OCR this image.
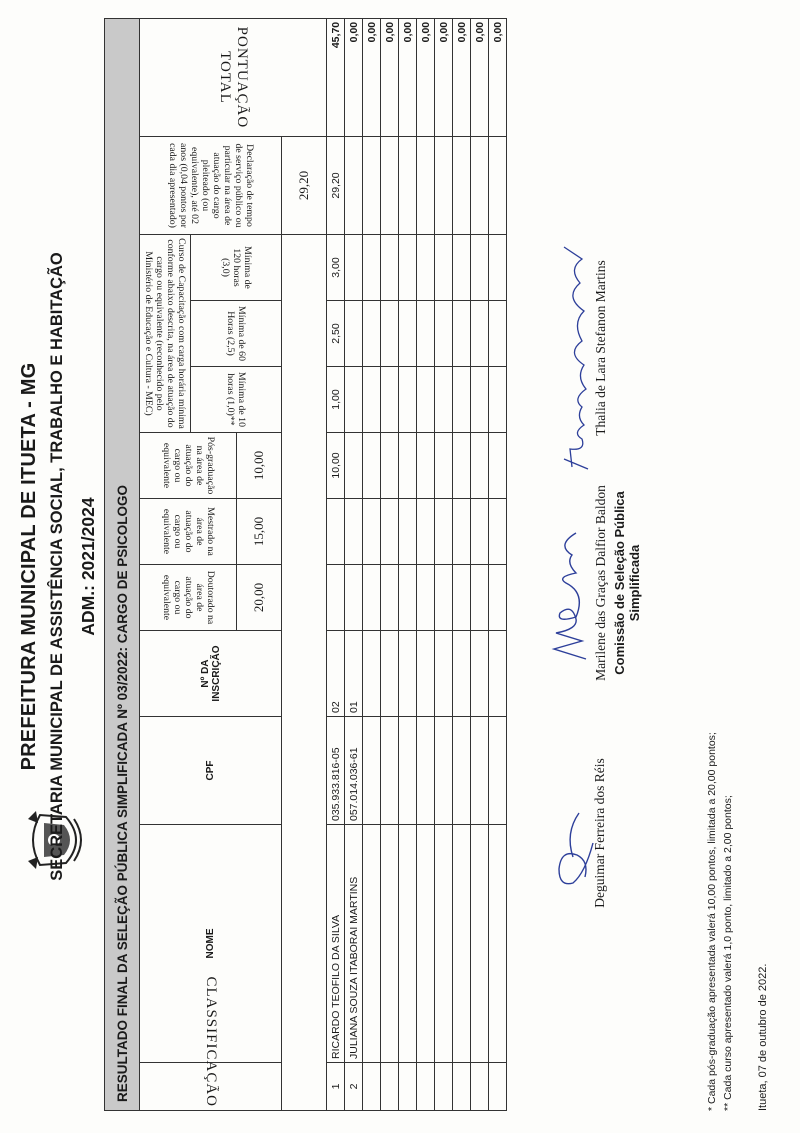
PREFEITURA MUNICIPAL DE ITUETA - MG SECRETARIA MUNICIPAL DE ASSISTÊNCIA SOCIAL, TRABALHO E HABITAÇÃO ADM.: 2021/2024 RESULTADO FINAL DA SELEÇÃO PÚBLICA SIMPLIFICADA Nº 03/2022: CARGO DE PSICOLOGO											
CLASSIFICAÇÃO	NOME	CPF	Nº DA INSCRIÇÃO	Doutorado na área de atuação do cargo ou equivalente	Mestrado na área de atuação do cargo ou equivalente	Pós-graduação na área de atuação do cargo ou equivalente	Curso de Capacitação com carga horária mínima conforme abaixo descrita, na área de atuação do cargo ou equivalente (reconhecido pelo Ministério de Educação e Cultura - MEC)			Declaração de tempo de serviço público ou particular na área de atuação do cargo pleiteado (ou equivalente), até 02 anos (0,04 pontos por cada dia apresentado)	PONTUAÇÃO TOTAL
							Mínima de 10 horas (1,0)**	Mínima de 60 Horas (2,5)	Mínima de 120 horas (3,0)		
				20,00	15,00	10,00					
										29,20	
1	RICARDO TEOFILO DA SILVA	035.933.816-05	02			10,00	1,00	2,50	3,00	29,20	45,70
2	JULIANA SOUZA ITABORAI MARTINS	057.014.036-61	01								0,00
											0,00
											0,00
											0,00
											0,00
											0,00
											0,00
											0,00
											0,00
* Cada pós-graduação apresentada valerá 10,00 pontos, limitada a 20,00 pontos; ** Cada curso apresentado valerá 1,0 ponto, limitado a 2,00 pontos; Itueta, 07 de outubro de 2022.
Deguimar Ferreira dos Réis
Marilene das Graças Dalfior Baldon Comissão de Seleção Pública Simplificada
Thalia de Lara Stefanon Martins
